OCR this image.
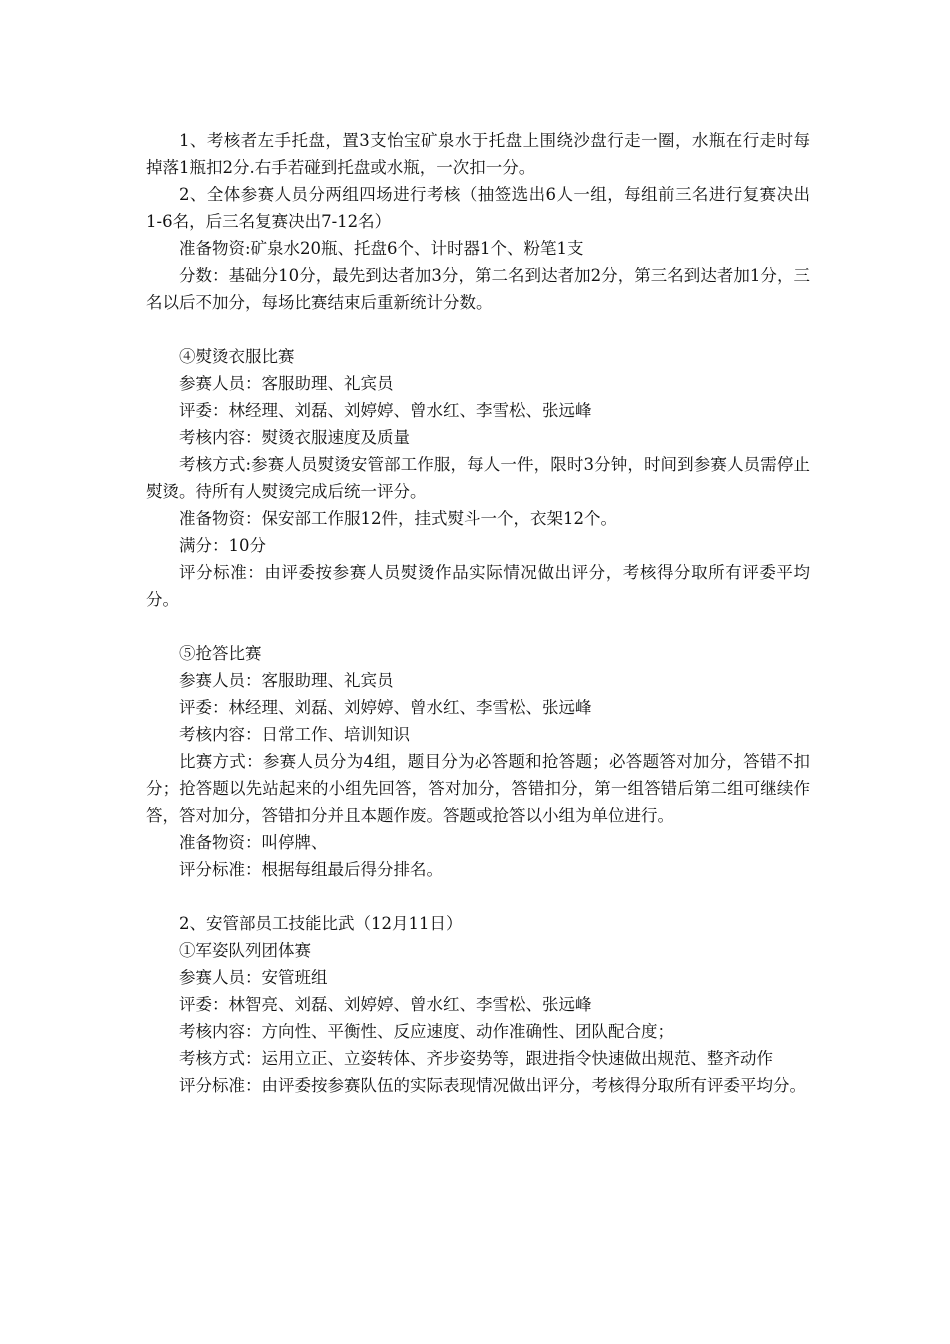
1、考核者左手托盘，置3支怡宝矿泉水于托盘上围绕沙盘行走一圈，水瓶在行走时每掉落1瓶扣2分.右手若碰到托盘或水瓶，一次扣一分。

2、全体参赛人员分两组四场进行考核（抽签选出6人一组，每组前三名进行复赛决出1-6名，后三名复赛决出7-12名）

准备物资:矿泉水20瓶、托盘6个、计时器1个、粉笔1支

分数：基础分10分，最先到达者加3分，第二名到达者加2分，第三名到达者加1分，三名以后不加分，每场比赛结束后重新统计分数。

④熨烫衣服比赛

参赛人员：客服助理、礼宾员

评委：林经理、刘磊、刘婷婷、曾水红、李雪松、张远峰

考核内容：熨烫衣服速度及质量

考核方式:参赛人员熨烫安管部工作服，每人一件，限时3分钟，时间到参赛人员需停止熨烫。待所有人熨烫完成后统一评分。

准备物资：保安部工作服12件，挂式熨斗一个，衣架12个。

满分：10分

评分标准：由评委按参赛人员熨烫作品实际情况做出评分，考核得分取所有评委平均分。

⑤抢答比赛

参赛人员：客服助理、礼宾员

评委：林经理、刘磊、刘婷婷、曾水红、李雪松、张远峰

考核内容：日常工作、培训知识

比赛方式：参赛人员分为4组，题目分为必答题和抢答题；必答题答对加分，答错不扣分；抢答题以先站起来的小组先回答，答对加分，答错扣分，第一组答错后第二组可继续作答，答对加分，答错扣分并且本题作废。答题或抢答以小组为单位进行。

准备物资：叫停牌、

评分标准：根据每组最后得分排名。

2、安管部员工技能比武（12月11日）

①军姿队列团体赛

参赛人员：安管班组

评委：林智亮、刘磊、刘婷婷、曾水红、李雪松、张远峰

考核内容：方向性、平衡性、反应速度、动作准确性、团队配合度；

考核方式：运用立正、立姿转体、齐步姿势等，跟进指令快速做出规范、整齐动作

评分标准：由评委按参赛队伍的实际表现情况做出评分，考核得分取所有评委平均分。
